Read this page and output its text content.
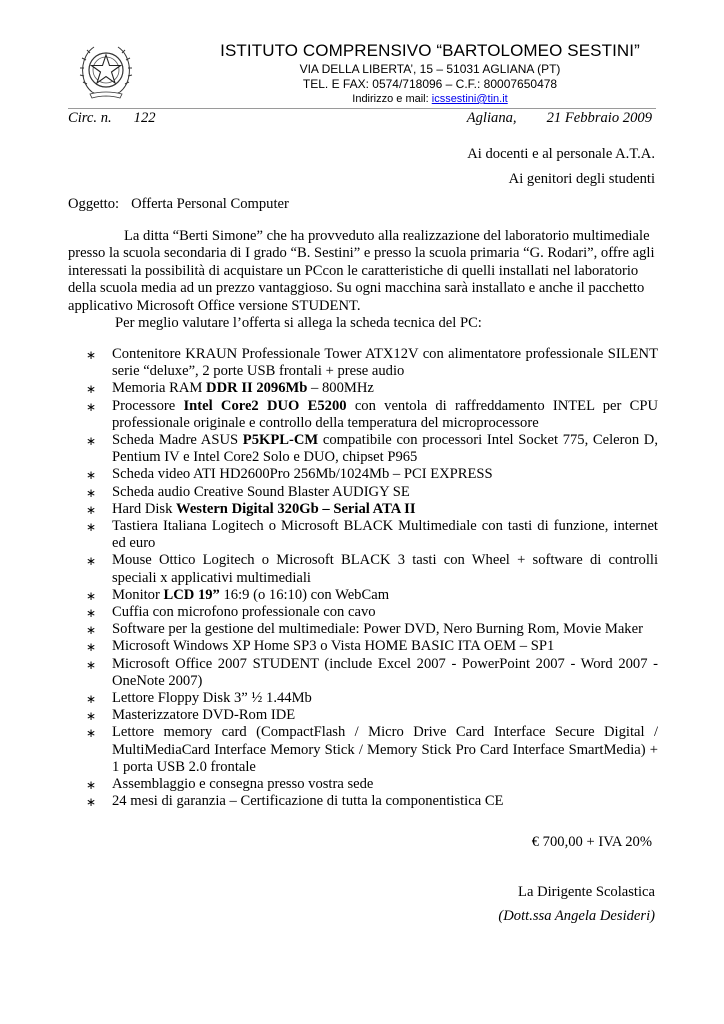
ISTITUTO COMPRENSIVO “BARTOLOMEO SESTINI”
VIA DELLA LIBERTA’, 15 – 51031 AGLIANA (PT)
TEL. E FAX: 0574/718096 – C.F.: 80007650478
Indirizzo e mail: icssestini@tin.it
Circ. n. 122	Agliana, 21 Febbraio 2009
Ai docenti e al personale A.T.A.
Ai genitori degli studenti
Oggetto: Offerta Personal Computer

La ditta “Berti Simone” che ha provveduto alla realizzazione del laboratorio multimediale presso la scuola secondaria di I grado “B. Sestini” e presso la scuola primaria “G. Rodari”, offre agli interessati la possibilità di acquistare un PCcon le caratteristiche di quelli installati nel laboratorio della scuola media ad un prezzo vantaggioso. Su ogni macchina sarà installato e anche il pacchetto applicativo Microsoft Office versione STUDENT.

Per meglio valutare l’offerta si allega la scheda tecnica del PC:

∗ Contenitore KRAUN Professionale Tower ATX12V con alimentatore professionale SILENT serie “deluxe”, 2 porte USB frontali + prese audio
∗ Memoria RAM DDR II 2096Mb – 800MHz
∗ Processore Intel Core2 DUO E5200 con ventola di raffreddamento INTEL per CPU professionale originale e controllo della temperatura del microprocessore
∗ Scheda Madre ASUS P5KPL-CM compatibile con processori Intel Socket 775, Celeron D, Pentium IV e Intel Core2 Solo e DUO, chipset P965
∗ Scheda video ATI HD2600Pro 256Mb/1024Mb – PCI EXPRESS
∗ Scheda audio Creative Sound Blaster AUDIGY SE
∗ Hard Disk Western Digital 320Gb – Serial ATA II
∗ Tastiera Italiana Logitech o Microsoft BLACK Multimediale con tasti di funzione, internet ed euro
∗ Mouse Ottico Logitech o Microsoft BLACK 3 tasti con Wheel + software di controlli speciali x applicativi multimediali
∗ Monitor LCD 19” 16:9 (o 16:10) con WebCam
∗ Cuffia con microfono professionale con cavo
∗ Software per la gestione del multimediale: Power DVD, Nero Burning Rom, Movie Maker
∗ Microsoft Windows XP Home SP3 o Vista HOME BASIC ITA OEM – SP1
∗ Microsoft Office 2007 STUDENT (include Excel 2007 - PowerPoint 2007 - Word 2007 - OneNote 2007)
∗ Lettore Floppy Disk 3” ½ 1.44Mb
∗ Masterizzatore DVD-Rom IDE
∗ Lettore memory card (CompactFlash / Micro Drive Card Interface Secure Digital / MultiMediaCard Interface Memory Stick / Memory Stick Pro Card Interface SmartMedia) + 1 porta USB 2.0 frontale
∗ Assemblaggio e consegna presso vostra sede
∗ 24 mesi di garanzia – Certificazione di tutta la componentistica CE
€ 700,00 + IVA 20%
La Dirigente Scolastica
(Dott.ssa Angela Desideri)
